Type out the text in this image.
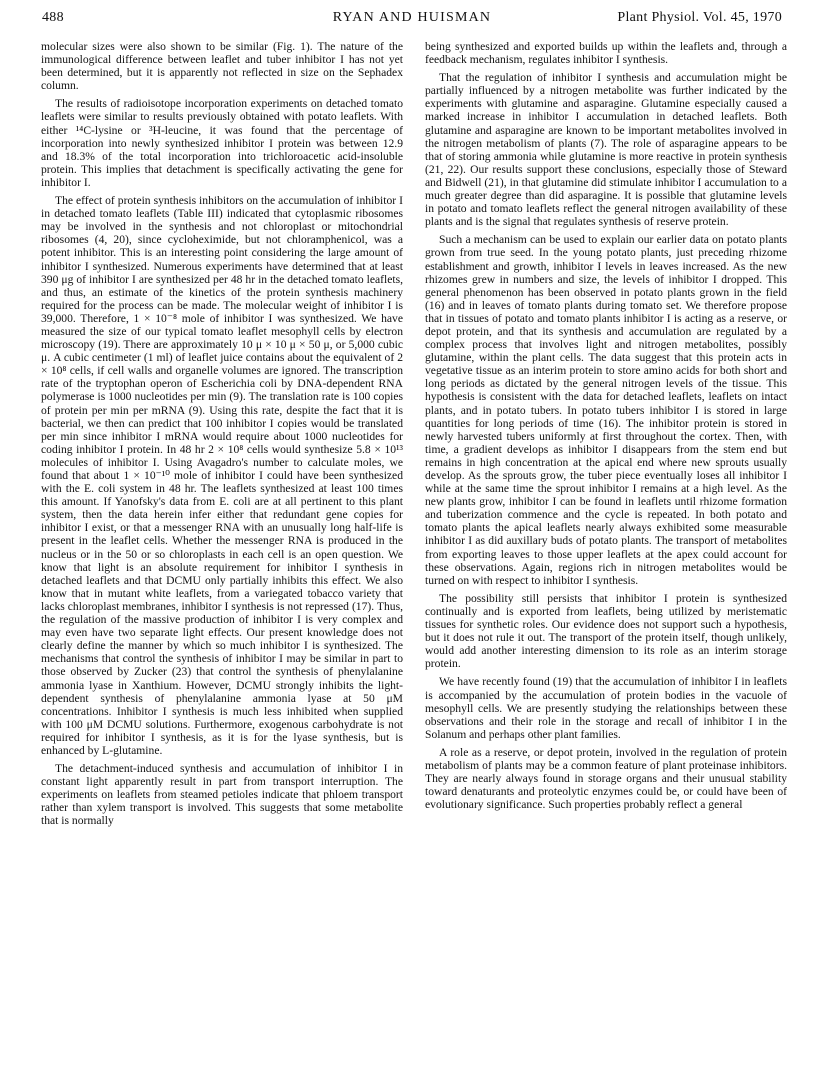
488	RYAN AND HUISMAN	Plant Physiol. Vol. 45, 1970

molecular sizes were also shown to be similar (Fig. 1). The nature of the immunological difference between leaflet and tuber inhibitor I has not yet been determined, but it is apparently not reflected in size on the Sephadex column.

The results of radioisotope incorporation experiments on detached tomato leaflets were similar to results previously obtained with potato leaflets. With either ¹⁴C-lysine or ³H-leucine, it was found that the percentage of incorporation into newly synthesized inhibitor I protein was between 12.9 and 18.3% of the total incorporation into trichloroacetic acid-insoluble protein. This implies that detachment is specifically activating the gene for inhibitor I.

The effect of protein synthesis inhibitors on the accumulation of inhibitor I in detached tomato leaflets (Table III) indicated that cytoplasmic ribosomes may be involved in the synthesis and not chloroplast or mitochondrial ribosomes (4, 20), since cycloheximide, but not chloramphenicol, was a potent inhibitor. This is an interesting point considering the large amount of inhibitor I synthesized. Numerous experiments have determined that at least 390 μg of inhibitor I are synthesized per 48 hr in the detached tomato leaflets, and thus, an estimate of the kinetics of the protein synthesis machinery required for the process can be made. The molecular weight of inhibitor I is 39,000. Therefore, 1 × 10⁻⁸ mole of inhibitor I was synthesized. We have measured the size of our typical tomato leaflet mesophyll cells by electron microscopy (19). There are approximately 10 μ × 10 μ × 50 μ, or 5,000 cubic μ. A cubic centimeter (1 ml) of leaflet juice contains about the equivalent of 2 × 10⁸ cells, if cell walls and organelle volumes are ignored. The transcription rate of the tryptophan operon of Escherichia coli by DNA-dependent RNA polymerase is 1000 nucleotides per min (9). The translation rate is 100 copies of protein per min per mRNA (9). Using this rate, despite the fact that it is bacterial, we then can predict that 100 inhibitor I copies would be translated per min since inhibitor I mRNA would require about 1000 nucleotides for coding inhibitor I protein. In 48 hr 2 × 10⁸ cells would synthesize 5.8 × 10¹³ molecules of inhibitor I. Using Avagadro's number to calculate moles, we found that about 1 × 10⁻¹⁰ mole of inhibitor I could have been synthesized with the E. coli system in 48 hr. The leaflets synthesized at least 100 times this amount. If Yanofsky's data from E. coli are at all pertinent to this plant system, then the data herein infer either that redundant gene copies for inhibitor I exist, or that a messenger RNA with an unusually long half-life is present in the leaflet cells. Whether the messenger RNA is produced in the nucleus or in the 50 or so chloroplasts in each cell is an open question. We know that light is an absolute requirement for inhibitor I synthesis in detached leaflets and that DCMU only partially inhibits this effect. We also know that in mutant white leaflets, from a variegated tobacco variety that lacks chloroplast membranes, inhibitor I synthesis is not repressed (17). Thus, the regulation of the massive production of inhibitor I is very complex and may even have two separate light effects. Our present knowledge does not clearly define the manner by which so much inhibitor I is synthesized. The mechanisms that control the synthesis of inhibitor I may be similar in part to those observed by Zucker (23) that control the synthesis of phenylalanine ammonia lyase in Xanthium. However, DCMU strongly inhibits the light-dependent synthesis of phenylalanine ammonia lyase at 50 μM concentrations. Inhibitor I synthesis is much less inhibited when supplied with 100 μM DCMU solutions. Furthermore, exogenous carbohydrate is not required for inhibitor I synthesis, as it is for the lyase synthesis, but is enhanced by L-glutamine.

The detachment-induced synthesis and accumulation of inhibitor I in constant light apparently result in part from transport interruption. The experiments on leaflets from steamed petioles indicate that phloem transport rather than xylem transport is involved. This suggests that some metabolite that is normally

being synthesized and exported builds up within the leaflets and, through a feedback mechanism, regulates inhibitor I synthesis.

That the regulation of inhibitor I synthesis and accumulation might be partially influenced by a nitrogen metabolite was further indicated by the experiments with glutamine and asparagine. Glutamine especially caused a marked increase in inhibitor I accumulation in detached leaflets. Both glutamine and asparagine are known to be important metabolites involved in the nitrogen metabolism of plants (7). The role of asparagine appears to be that of storing ammonia while glutamine is more reactive in protein synthesis (21, 22). Our results support these conclusions, especially those of Steward and Bidwell (21), in that glutamine did stimulate inhibitor I accumulation to a much greater degree than did asparagine. It is possible that glutamine levels in potato and tomato leaflets reflect the general nitrogen availability of these plants and is the signal that regulates synthesis of reserve protein.

Such a mechanism can be used to explain our earlier data on potato plants grown from true seed. In the young potato plants, just preceding rhizome establishment and growth, inhibitor I levels in leaves increased. As the new rhizomes grew in numbers and size, the levels of inhibitor I dropped. This general phenomenon has been observed in potato plants grown in the field (16) and in leaves of tomato plants during tomato set. We therefore propose that in tissues of potato and tomato plants inhibitor I is acting as a reserve, or depot protein, and that its synthesis and accumulation are regulated by a complex process that involves light and nitrogen metabolites, possibly glutamine, within the plant cells. The data suggest that this protein acts in vegetative tissue as an interim protein to store amino acids for both short and long periods as dictated by the general nitrogen levels of the tissue. This hypothesis is consistent with the data for detached leaflets, leaflets on intact plants, and in potato tubers. In potato tubers inhibitor I is stored in large quantities for long periods of time (16). The inhibitor protein is stored in newly harvested tubers uniformly at first throughout the cortex. Then, with time, a gradient develops as inhibitor I disappears from the stem end but remains in high concentration at the apical end where new sprouts usually develop. As the sprouts grow, the tuber piece eventually loses all inhibitor I while at the same time the sprout inhibitor I remains at a high level. As the new plants grow, inhibitor I can be found in leaflets until rhizome formation and tuberization commence and the cycle is repeated. In both potato and tomato plants the apical leaflets nearly always exhibited some measurable inhibitor I as did auxillary buds of potato plants. The transport of metabolites from exporting leaves to those upper leaflets at the apex could account for these observations. Again, regions rich in nitrogen metabolites would be turned on with respect to inhibitor I synthesis.

The possibility still persists that inhibitor I protein is synthesized continually and is exported from leaflets, being utilized by meristematic tissues for synthetic roles. Our evidence does not support such a hypothesis, but it does not rule it out. The transport of the protein itself, though unlikely, would add another interesting dimension to its role as an interim storage protein.

We have recently found (19) that the accumulation of inhibitor I in leaflets is accompanied by the accumulation of protein bodies in the vacuole of mesophyll cells. We are presently studying the relationships between these observations and their role in the storage and recall of inhibitor I in the Solanum and perhaps other plant families.

A role as a reserve, or depot protein, involved in the regulation of protein metabolism of plants may be a common feature of plant proteinase inhibitors. They are nearly always found in storage organs and their unusual stability toward denaturants and proteolytic enzymes could be, or could have been of evolutionary significance. Such properties probably reflect a general
